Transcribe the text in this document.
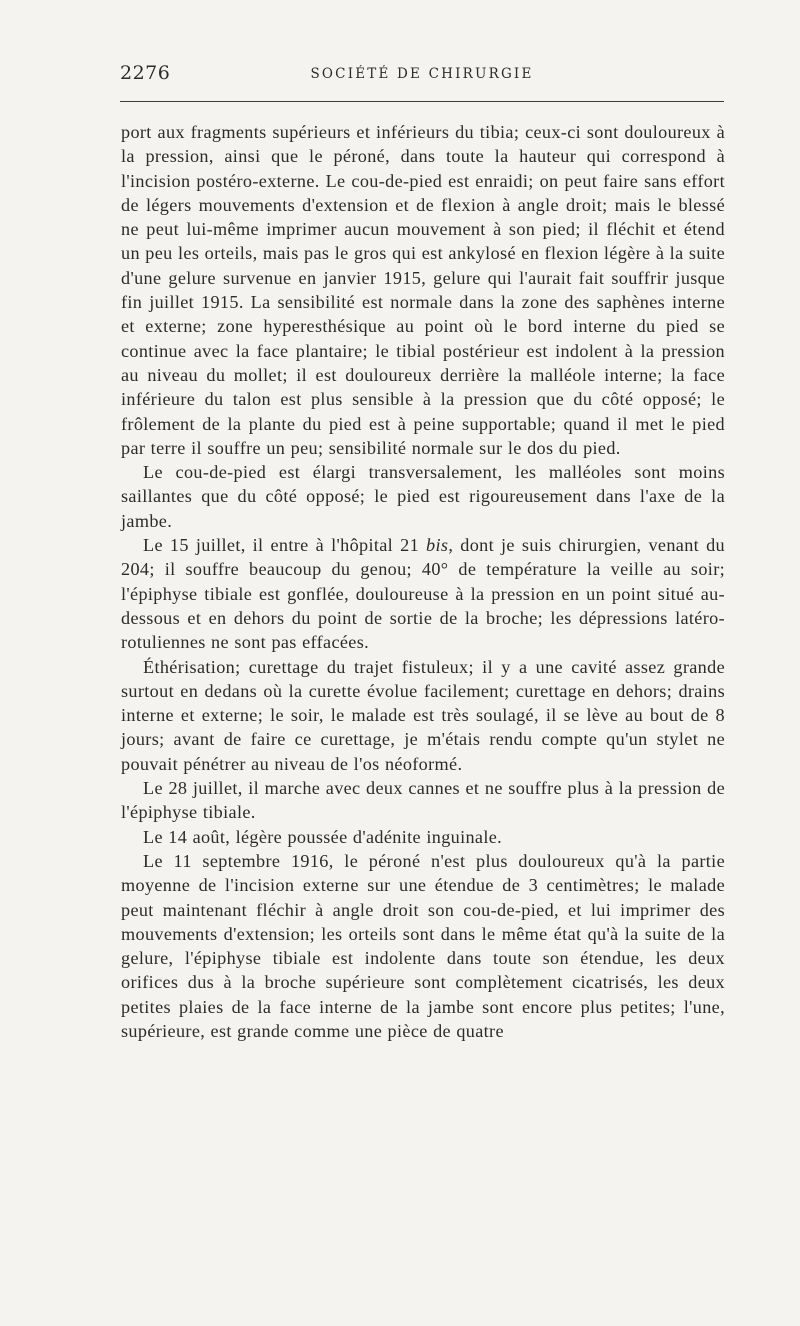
2276	SOCIÉTÉ DE CHIRURGIE

port aux fragments supérieurs et inférieurs du tibia; ceux-ci sont douloureux à la pression, ainsi que le péroné, dans toute la hauteur qui correspond à l'incision postéro-externe. Le cou-de-pied est enraidi; on peut faire sans effort de légers mouvements d'extension et de flexion à angle droit; mais le blessé ne peut lui-même imprimer aucun mouvement à son pied; il fléchit et étend un peu les orteils, mais pas le gros qui est ankylosé en flexion légère à la suite d'une gelure survenue en janvier 1915, gelure qui l'aurait fait souffrir jusque fin juillet 1915. La sensibilité est normale dans la zone des saphènes interne et externe; zone hyperesthésique au point où le bord interne du pied se continue avec la face plantaire; le tibial postérieur est indolent à la pression au niveau du mollet; il est douloureux derrière la malléole interne; la face inférieure du talon est plus sensible à la pression que du côté opposé; le frôlement de la plante du pied est à peine supportable; quand il met le pied par terre il souffre un peu; sensibilité normale sur le dos du pied.

Le cou-de-pied est élargi transversalement, les malléoles sont moins saillantes que du côté opposé; le pied est rigoureusement dans l'axe de la jambe.

Le 15 juillet, il entre à l'hôpital 21 bis, dont je suis chirurgien, venant du 204; il souffre beaucoup du genou; 40° de température la veille au soir; l'épiphyse tibiale est gonflée, douloureuse à la pression en un point situé au-dessous et en dehors du point de sortie de la broche; les dépressions latéro-rotuliennes ne sont pas effacées.

Éthérisation; curettage du trajet fistuleux; il y a une cavité assez grande surtout en dedans où la curette évolue facilement; curettage en dehors; drains interne et externe; le soir, le malade est très soulagé, il se lève au bout de 8 jours; avant de faire ce curettage, je m'étais rendu compte qu'un stylet ne pouvait pénétrer au niveau de l'os néoformé.

Le 28 juillet, il marche avec deux cannes et ne souffre plus à la pression de l'épiphyse tibiale.

Le 14 août, légère poussée d'adénite inguinale.

Le 11 septembre 1916, le péroné n'est plus douloureux qu'à la partie moyenne de l'incision externe sur une étendue de 3 centimètres; le malade peut maintenant fléchir à angle droit son cou-de-pied, et lui imprimer des mouvements d'extension; les orteils sont dans le même état qu'à la suite de la gelure, l'épiphyse tibiale est indolente dans toute son étendue, les deux orifices dus à la broche supérieure sont complètement cicatrisés, les deux petites plaies de la face interne de la jambe sont encore plus petites; l'une, supérieure, est grande comme une pièce de quatre
